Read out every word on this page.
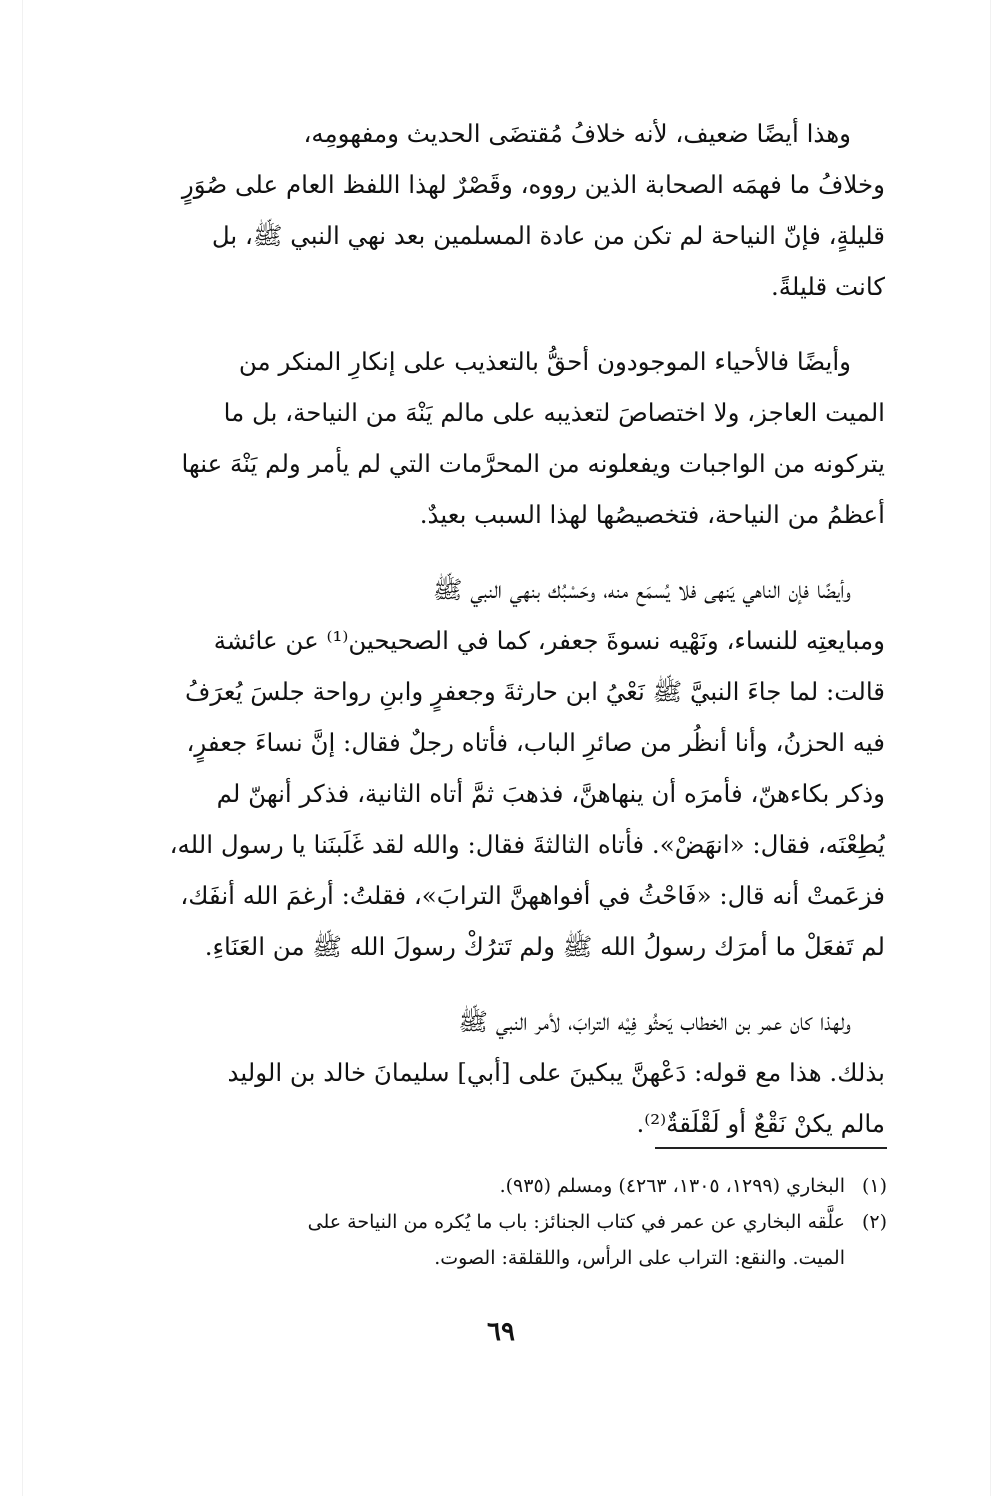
وهذا أيضًا ضعيف، لأنه خلافُ مُقتضَى الحديث ومفهومِه،
وخلافُ ما فهمَه الصحابة الذين رووه، وقَصْرٌ لهذا اللفظ العام على صُوَرٍ
قليلةٍ، فإنّ النياحة لم تكن من عادة المسلمين بعد نهي النبي ﷺ، بل
كانت قليلةً.
وأيضًا فالأحياء الموجودون أحقُّ بالتعذيب على إنكارِ المنكر من
الميت العاجز، ولا اختصاصَ لتعذيبه على مالم يَنْهَ من النياحة، بل ما
يتركونه من الواجبات ويفعلونه من المحرَّمات التي لم يأمر ولم يَنْهَ عنها
أعظمُ من النياحة، فتخصيصُها لهذا السبب بعيدٌ.
وأيضًا فإن الناهي يَنهى فلا يُسمَع منه، وحَسْبُك بنهي النبي ﷺ
ومبايعتِه للنساء، ونَهْيه نسوةَ جعفر، كما في الصحيحين⁽¹⁾ عن عائشة
قالت: لما جاءَ النبيَّ ﷺ نَعْيُ ابن حارثةَ وجعفرٍ وابنِ رواحة جلسَ يُعرَفُ
فيه الحزنُ، وأنا أنظُر من صائرِ الباب، فأتاه رجلٌ فقال: إنَّ نساءَ جعفرٍ،
وذكر بكاءهنّ، فأمرَه أن ينهاهنَّ، فذهبَ ثمَّ أتاه الثانية، فذكر أنهنّ لم
يُطِعْنَه، فقال: «انهَضْ». فأتاه الثالثةَ فقال: والله لقد غَلَبنَنا يا رسول الله،
فزعَمتْ أنه قال: «فَاحْثُ في أفواههنَّ الترابَ»، فقلتُ: أرغمَ الله أنفَك،
لم تَفعَلْ ما أمرَك رسولُ الله ﷺ ولم تَترُكْ رسولَ الله ﷺ من العَنَاءِ.
ولهذا كان عمر بن الخطاب يَحثُو فِيْه الترابَ، لأمر النبي ﷺ
بذلك. هذا مع قوله: دَعْهنَّ يبكينَ على [أبي] سليمانَ خالد بن الوليد
مالم يكنْ نَقْعٌ أو لَقْلَقةٌ⁽²⁾.
(١)
البخاري (١٢٩٩، ١٣٠٥، ٤٢٦٣) ومسلم (٩٣٥).
(٢)
علَّقه البخاري عن عمر في كتاب الجنائز: باب ما يُكره من النياحة على
الميت. والنقع: التراب على الرأس، واللقلقة: الصوت.
٦٩
